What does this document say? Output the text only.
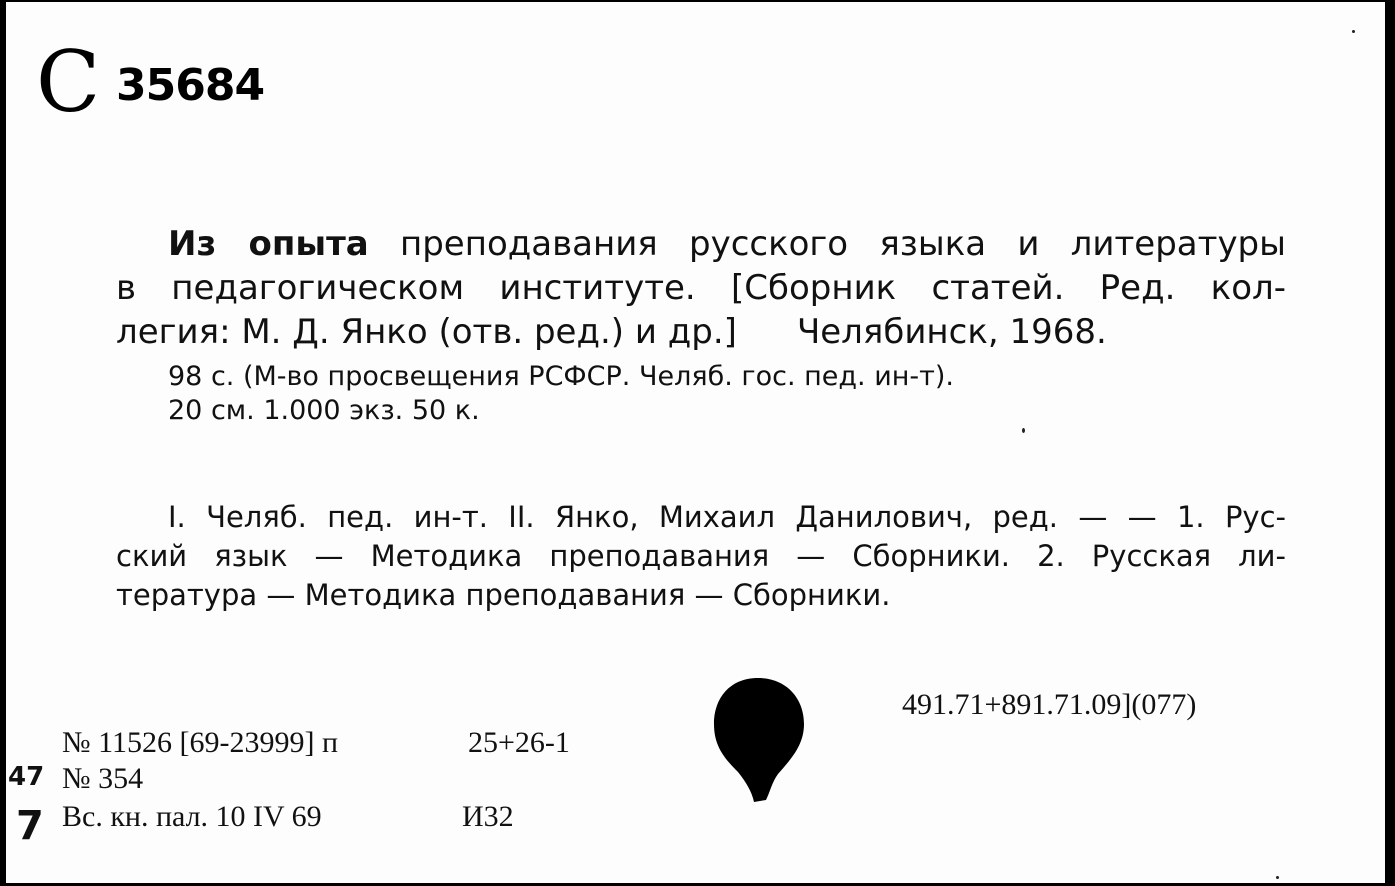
C 35684
Из опыта преподавания русского языка и литературы
в педагогическом институте. [Сборник статей. Ред. кол-
легия: М. Д. Янко (отв. ред.) и др.] Челябинск, 1968.
98 с. (М-во просвещения РСФСР. Челяб. гос. пед. ин-т).
20 см. 1.000 экз. 50 к.
I. Челяб. пед. ин-т. II. Янко, Михаил Данилович, ред. — — 1. Рус-
ский язык — Методика преподавания — Сборники. 2. Русская ли-
тература — Методика преподавания — Сборники.
491.71+891.71.09](077)
№ 11526 [69-23999] п	25+26-1
47 № 354
Вс. кн. пал. 10 IV 69	И32
7
